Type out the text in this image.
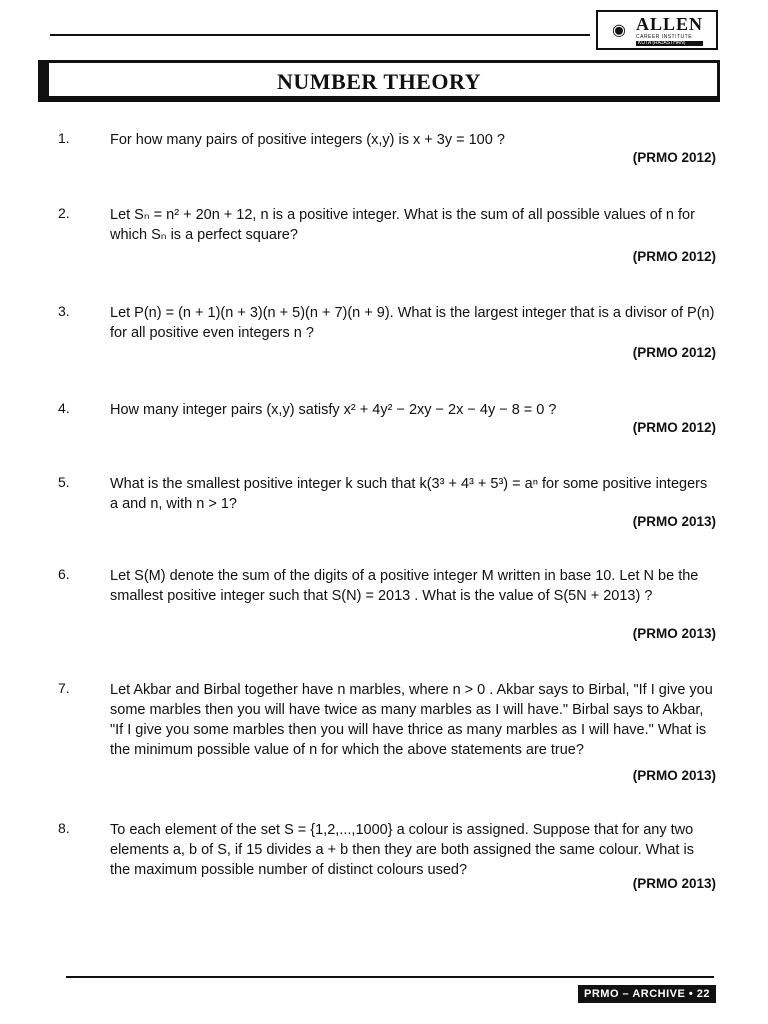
◉ ALLEN
CAREER INSTITUTE
KOTA (RAJASTHAN)
NUMBER THEORY
1.	For how many pairs of positive integers (x,y) is x + 3y = 100 ?
(PRMO 2012)
2.	Let Sₙ = n² + 20n + 12, n is a positive integer. What is the sum of all possible values of n for which Sₙ is a perfect square?
(PRMO 2012)
3.	Let P(n) = (n + 1)(n + 3)(n + 5)(n + 7)(n + 9). What is the largest integer that is a divisor of P(n) for all positive even integers n ?
(PRMO 2012)
4.	How many integer pairs (x,y) satisfy x² + 4y² − 2xy − 2x − 4y − 8 = 0 ?
(PRMO 2012)
5.	What is the smallest positive integer k such that k(3³ + 4³ + 5³) = aⁿ for some positive integers a and n, with n > 1?
(PRMO 2013)
6.	Let S(M) denote the sum of the digits of a positive integer M written in base 10. Let N be the smallest positive integer such that S(N) = 2013 . What is the value of S(5N + 2013) ?
(PRMO 2013)
7.	Let Akbar and Birbal together have n marbles, where n > 0 . Akbar says to Birbal, "If I give you some marbles then you will have twice as many marbles as I will have." Birbal says to Akbar, "If I give you some marbles then you will have thrice as many marbles as I will have." What is the minimum possible value of n for which the above statements are true?
(PRMO 2013)
8.	To each element of the set S = {1,2,...,1000} a colour is assigned. Suppose that for any two elements a, b of S, if 15 divides a + b then they are both assigned the same colour. What is the maximum possible number of distinct colours used?
(PRMO 2013)
PRMO – ARCHIVE • 22
